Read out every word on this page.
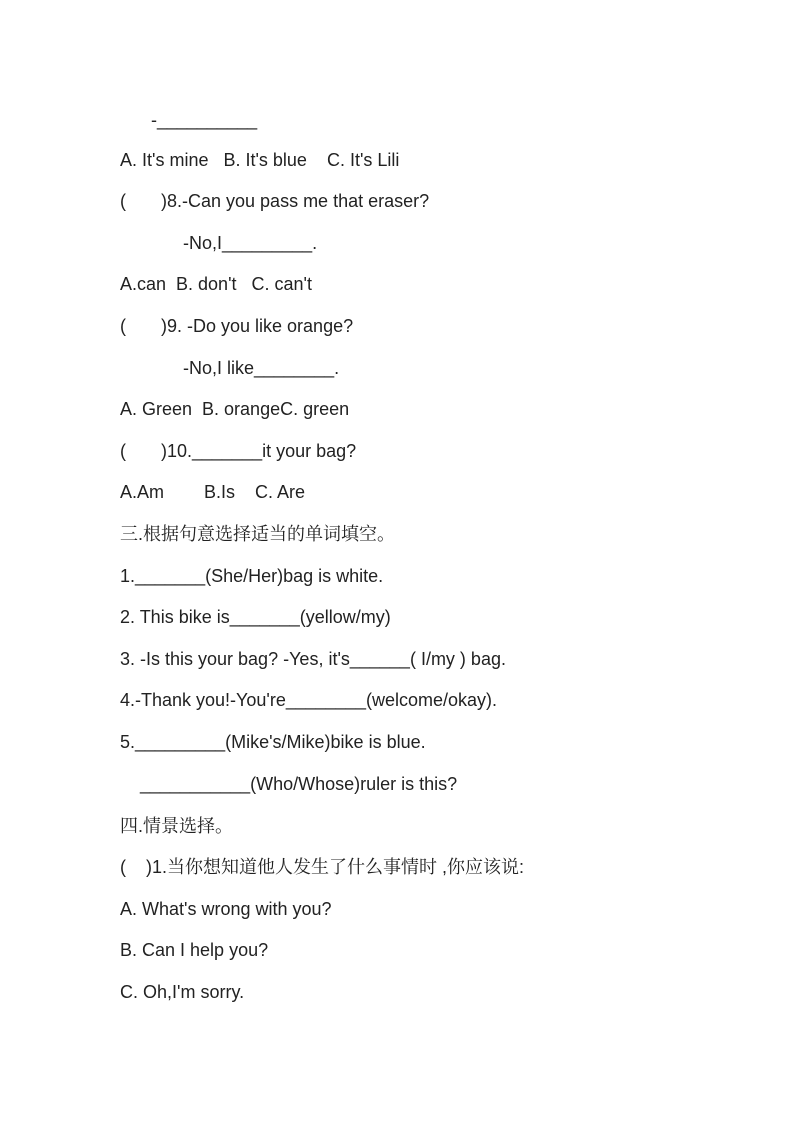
-__________
A. It's mine   B. It's blue    C. It's Lili
(       )8.-Can you pass me that eraser?
-No,I_________.
A.can  B. don't   C. can't
(       )9. -Do you like orange?
-No,I like________.
A. Green  B. orangeC. green
(       )10._______it your bag?
A.Am        B.Is    C. Are
三.根据句意选择适当的单词填空。
1._______(She/Her)bag is white.
2. This bike is_______(yellow/my)
3. -Is this your bag? -Yes, it's______( I/my ) bag.
4.-Thank you!-You're________(welcome/okay).
5._________(Mike's/Mike)bike is blue.
___________(Who/Whose)ruler is this?
四.情景选择。
(    )1.当你想知道他人发生了什么事情时 ,你应该说:
A. What's wrong with you?
B. Can I help you?
C. Oh,I'm sorry.
